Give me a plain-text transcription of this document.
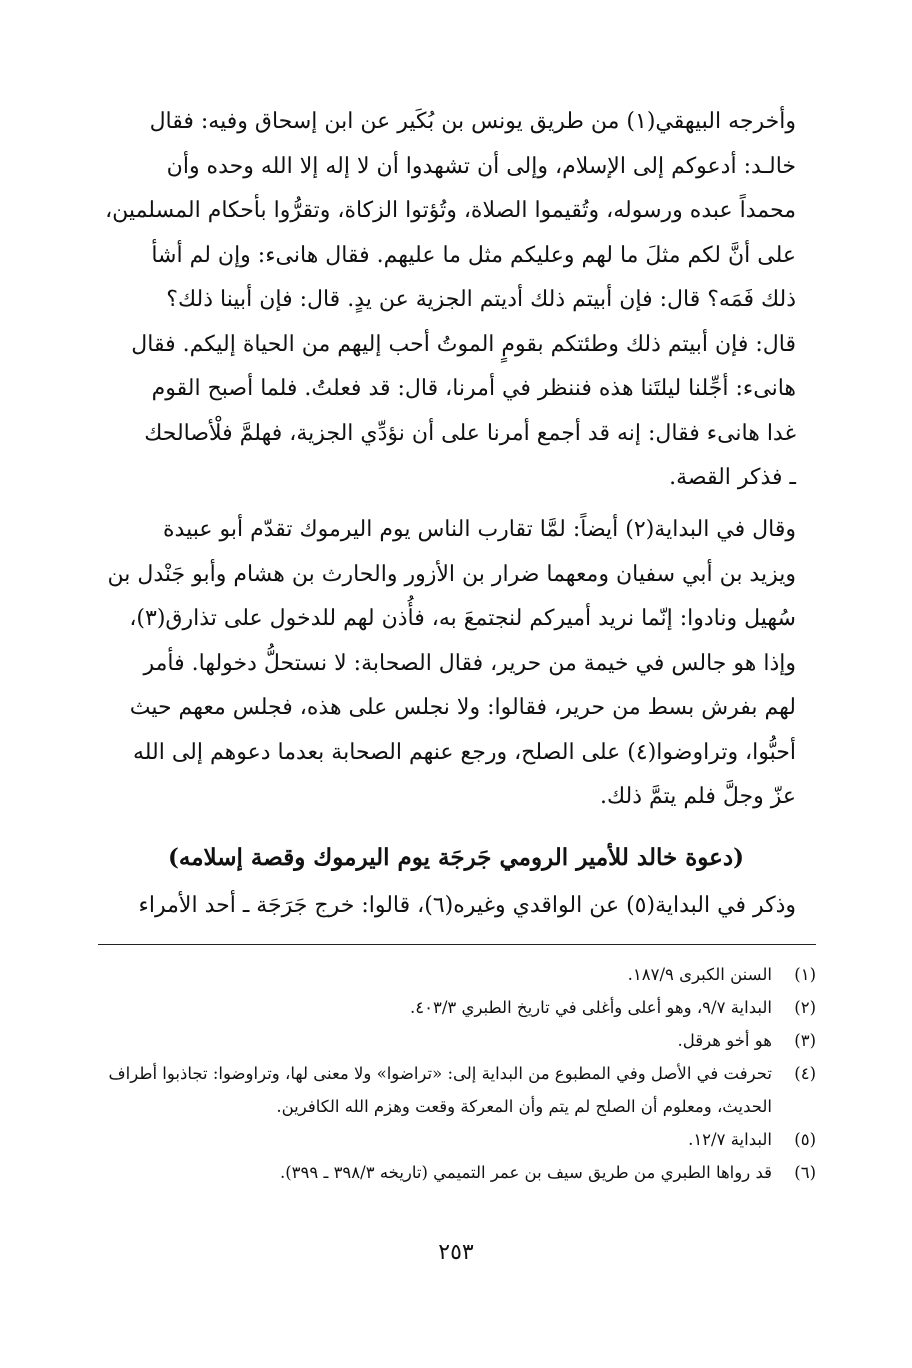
وأخرجه البيهقي(١) من طريق يونس بن بُكَير عن ابن إسحاق وفيه: فقال
خالـد: أدعوكم إلى الإسلام، وإلى أن تشهدوا أن لا إله إلا الله وحده وأن
محمداً عبده ورسوله، وتُقيموا الصلاة، وتُؤتوا الزكاة، وتقرُّوا بأحكام المسلمين،
على أنَّ لكم مثلَ ما لهم وعليكم مثل ما عليهم. فقال هانىء: وإن لم أشأ
ذلك فَمَه؟ قال: فإن أبيتم ذلك أديتم الجزية عن يدٍ. قال: فإن أبينا ذلك؟
قال: فإن أبيتم ذلك وطئتكم بقومٍ الموتُ أحب إليهم من الحياة إليكم. فقال
هانىء: أجِّلنا ليلتَنا هذه فننظر في أمرنا، قال: قد فعلتُ. فلما أصبح القوم
غدا هانىء فقال: إنه قد أجمع أمرنا على أن نؤدِّي الجزية، فهلمَّ فلْأصالحك
ـ فذكر القصة.
وقال في البداية(٢) أيضاً: لمَّا تقارب الناس يوم اليرموك تقدّم أبو عبيدة
ويزيد بن أبي سفيان ومعهما ضرار بن الأزور والحارث بن هشام وأبو جَنْدل بن
سُهيل ونادوا: إنّما نريد أميركم لنجتمعَ به، فأُذن لهم للدخول على تذارق(٣)،
وإذا هو جالس في خيمة من حرير، فقال الصحابة: لا نستحلُّ دخولها. فأمر
لهم بفرش بسط من حرير، فقالوا: ولا نجلس على هذه، فجلس معهم حيث
أحبُّوا، وتراوضوا(٤) على الصلح، ورجع عنهم الصحابة بعدما دعوهم إلى الله
عزّ وجلَّ فلم يتمَّ ذلك.
(دعوة خالد للأمير الرومي جَرجَة يوم اليرموك وقصة إسلامه)
وذكر في البداية(٥) عن الواقدي وغيره(٦)، قالوا: خرج جَرَجَة ـ أحد الأمراء
(١)
السنن الكبرى ١٨٧/٩.
(٢)
البداية ٩/٧، وهو أعلى وأغلى في تاريخ الطبري ٤٠٣/٣.
(٣)
هو أخو هرقل.
(٤)
تحرفت في الأصل وفي المطبوع من البداية إلى: «تراضوا» ولا معنى لها، وتراوضوا: تجاذبوا أطراف الحديث، ومعلوم أن الصلح لم يتم وأن المعركة وقعت وهزم الله الكافرين.
(٥)
البداية ١٢/٧.
(٦)
قد رواها الطبري من طريق سيف بن عمر التميمي (تاريخه ٣٩٨/٣ ـ ٣٩٩).
٢٥٣
